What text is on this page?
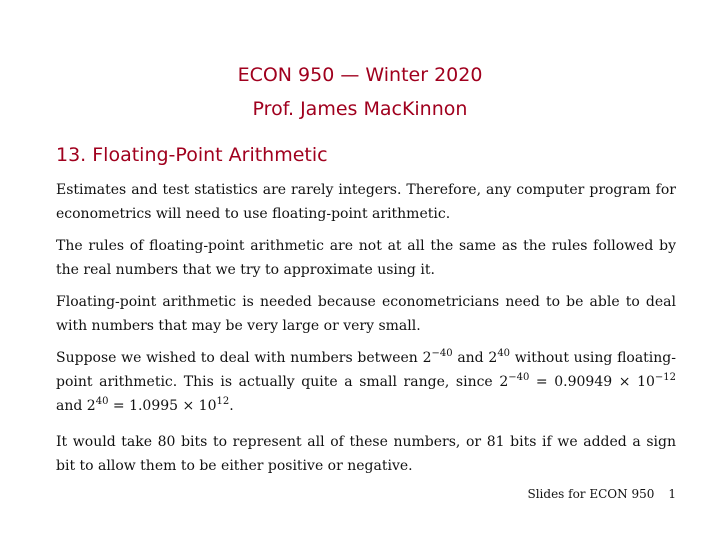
ECON 950 — Winter 2020
Prof. James MacKinnon
13. Floating-Point Arithmetic
Estimates and test statistics are rarely integers. Therefore, any computer program for econometrics will need to use floating-point arithmetic.
The rules of floating-point arithmetic are not at all the same as the rules followed by the real numbers that we try to approximate using it.
Floating-point arithmetic is needed because econometricians need to be able to deal with numbers that may be very large or very small.
Suppose we wished to deal with numbers between $2^{-40}$ and $2^{40}$ without using floating-point arithmetic. This is actually quite a small range, since $2^{-40} = 0.90949 \times 10^{-12}$ and $2^{40} = 1.0995 \times 10^{12}$.
It would take 80 bits to represent all of these numbers, or 81 bits if we added a sign bit to allow them to be either positive or negative.
Slides for ECON 950 1
